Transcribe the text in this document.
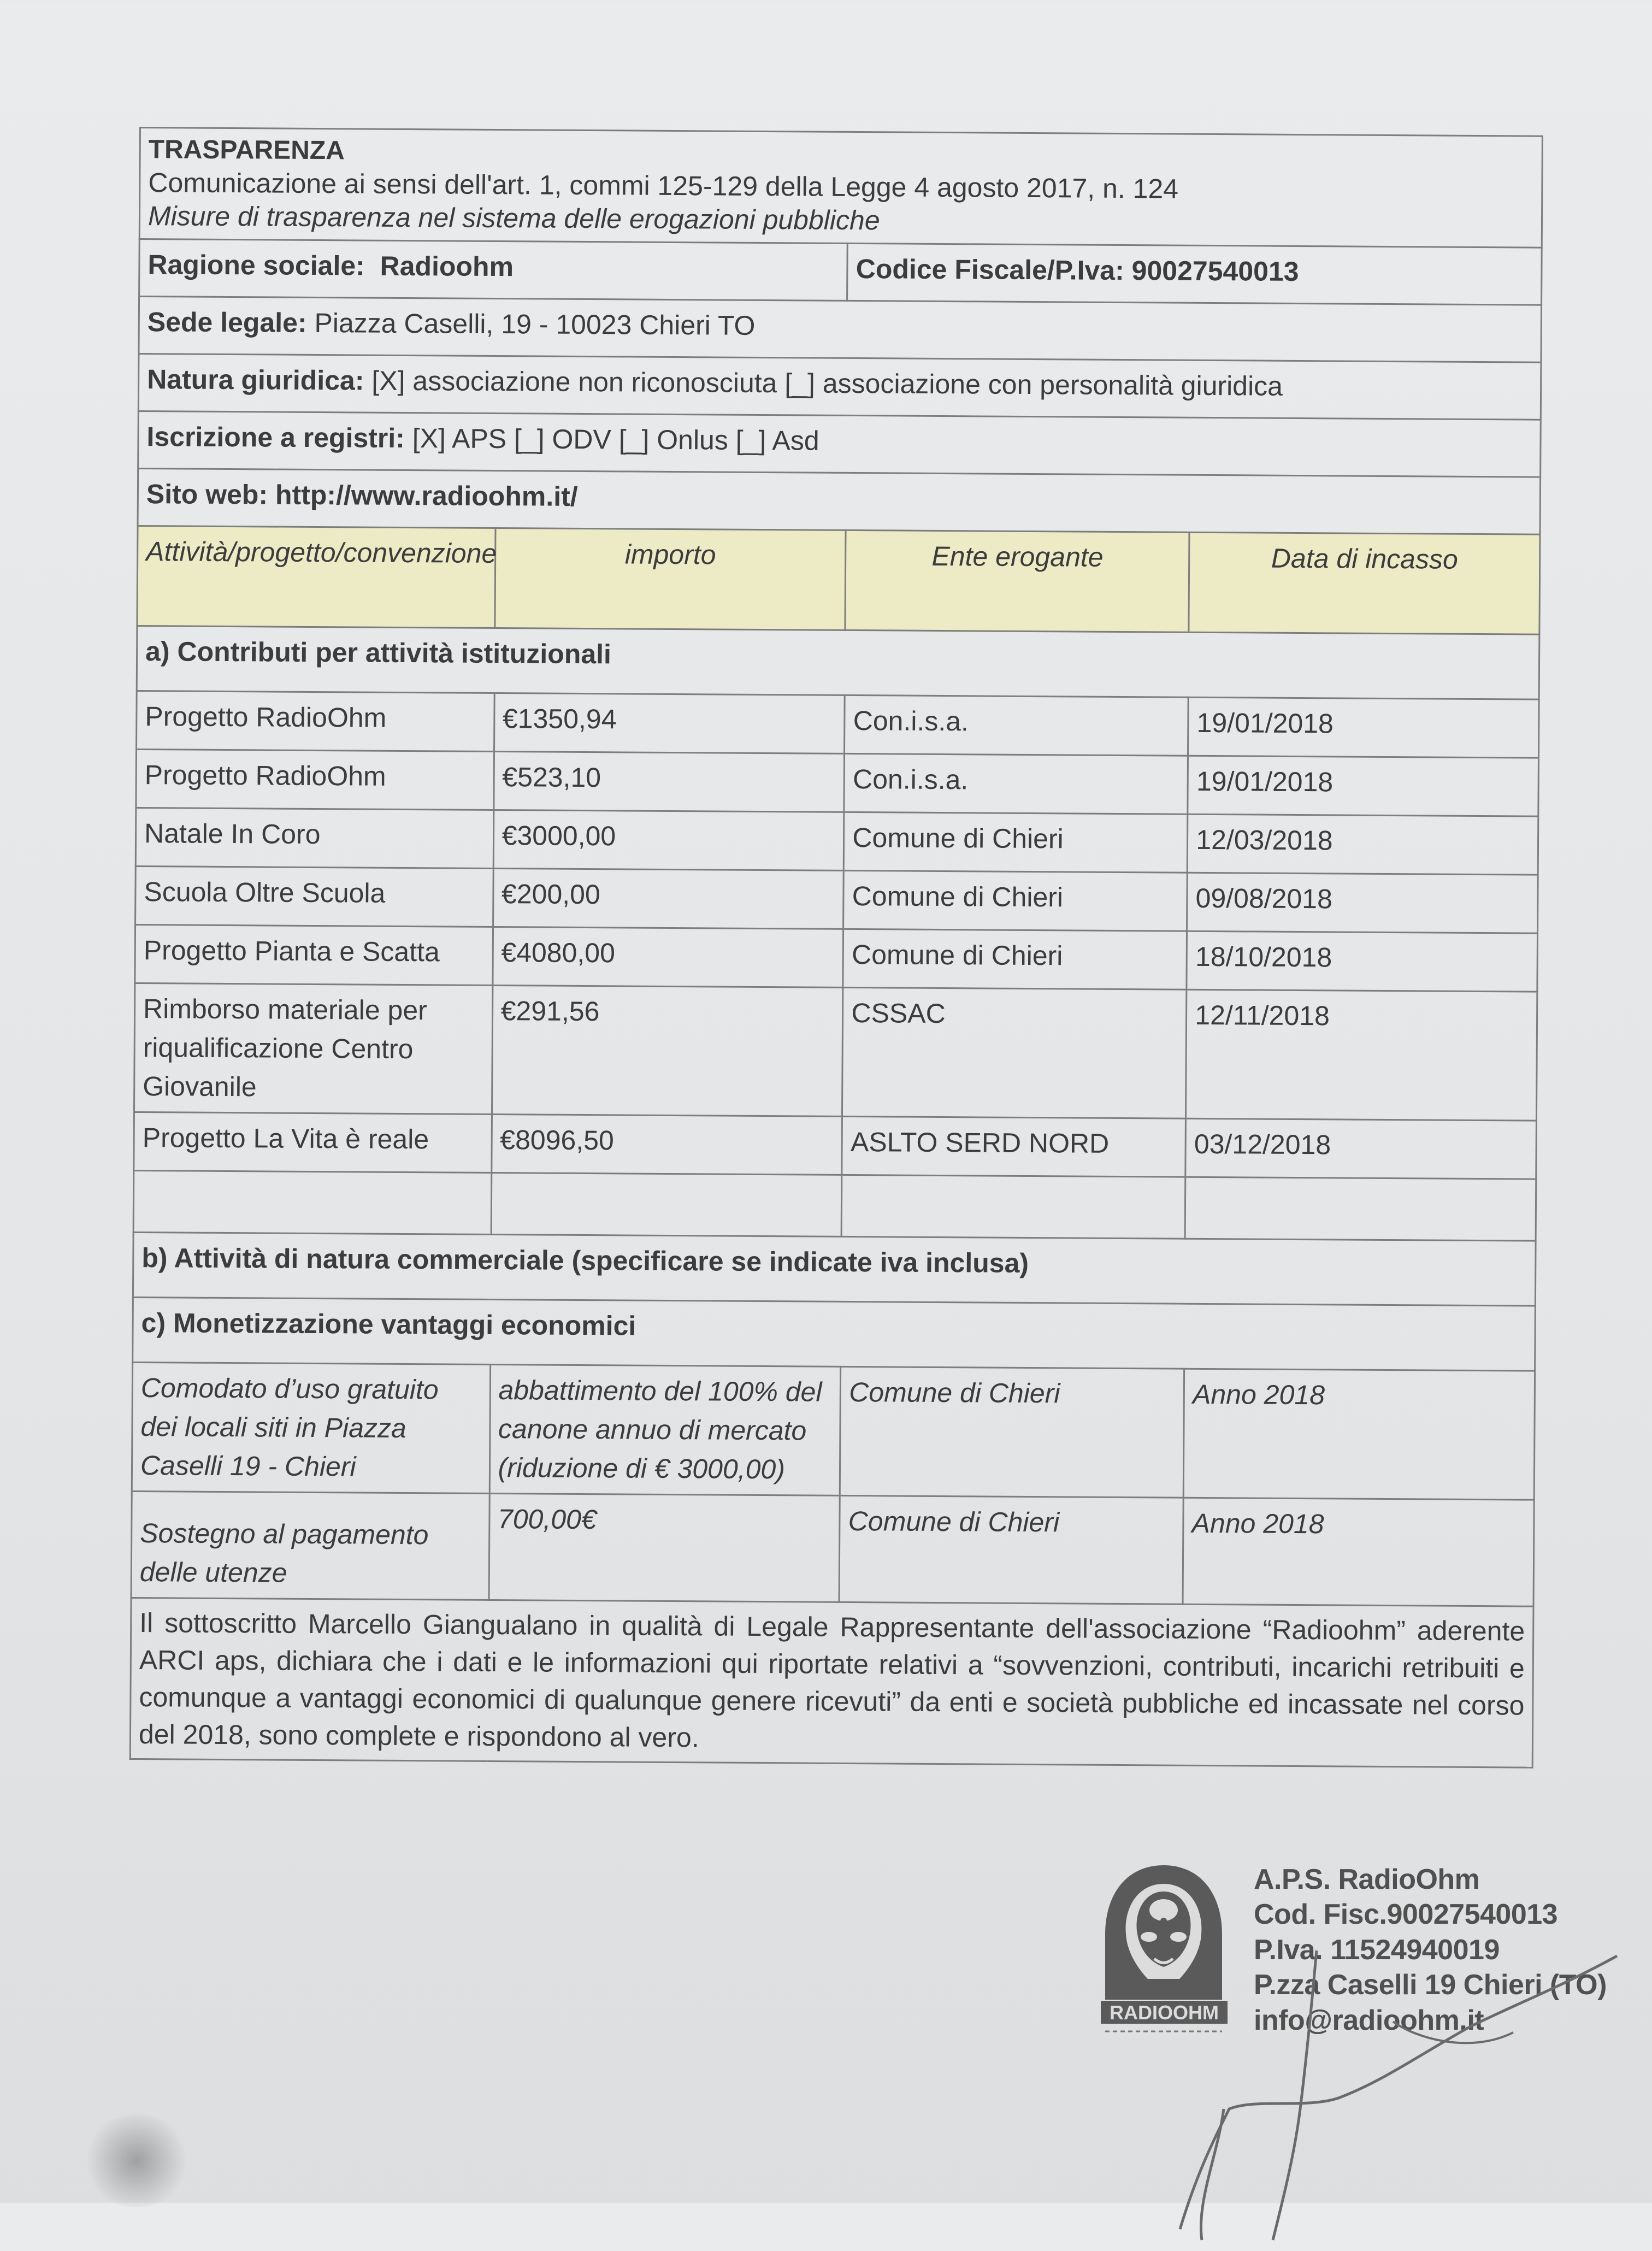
TRASPARENZA
Comunicazione ai sensi dell'art. 1, commi 125-129 della Legge 4 agosto 2017, n. 124
Misure di trasparenza nel sistema delle erogazioni pubbliche			

Ragione sociale: Radioohm		Codice Fiscale/P.Iva: 90027540013	
Sede legale: Piazza Caselli, 19 - 10023 Chieri TO			
Natura giuridica: [X] associazione non riconosciuta [_] associazione con personalità giuridica			
Iscrizione a registri: [X] APS [_] ODV [_] Onlus [_] Asd			
Sito web: http://www.radioohm.it/			
Attività/progetto/convenzione	importo	Ente erogante	Data di incasso
a) Contributi per attività istituzionali			
Progetto RadioOhm	€1350,94	Con.i.s.a.	19/01/2018
Progetto RadioOhm	€523,10	Con.i.s.a.	19/01/2018
Natale In Coro	€3000,00	Comune di Chieri	12/03/2018
Scuola Oltre Scuola	€200,00	Comune di Chieri	09/08/2018
Progetto Pianta e Scatta	€4080,00	Comune di Chieri	18/10/2018
Rimborso materiale per riqualificazione Centro Giovanile	€291,56	CSSAC	12/11/2018
Progetto La Vita è reale	€8096,50	ASLTO SERD NORD	03/12/2018

b) Attività di natura commerciale (specificare se indicate iva inclusa)			
c) Monetizzazione vantaggi economici			
Comodato d’uso gratuito dei locali siti in Piazza Caselli 19 - Chieri	abbattimento del 100% del canone annuo di mercato (riduzione di € 3000,00)	Comune di Chieri	Anno 2018
Sostegno al pagamento delle utenze	700,00€	Comune di Chieri	Anno 2018
Il sottoscritto Marcello Giangualano in qualità di Legale Rappresentante dell'associazione “Radioohm” aderente ARCI aps, dichiara che i dati e le informazioni qui riportate relativi a “sovvenzioni, contributi, incarichi retribuiti e comunque a vantaggi economici di qualunque genere ricevuti” da enti e società pubbliche ed incassate nel corso del 2018, sono complete e rispondono al vero.			
RADIOOHM
A.P.S. RadioOhm
Cod. Fisc.90027540013
P.Iva. 11524940019
P.zza Caselli 19 Chieri (TO)
info@radioohm.it
